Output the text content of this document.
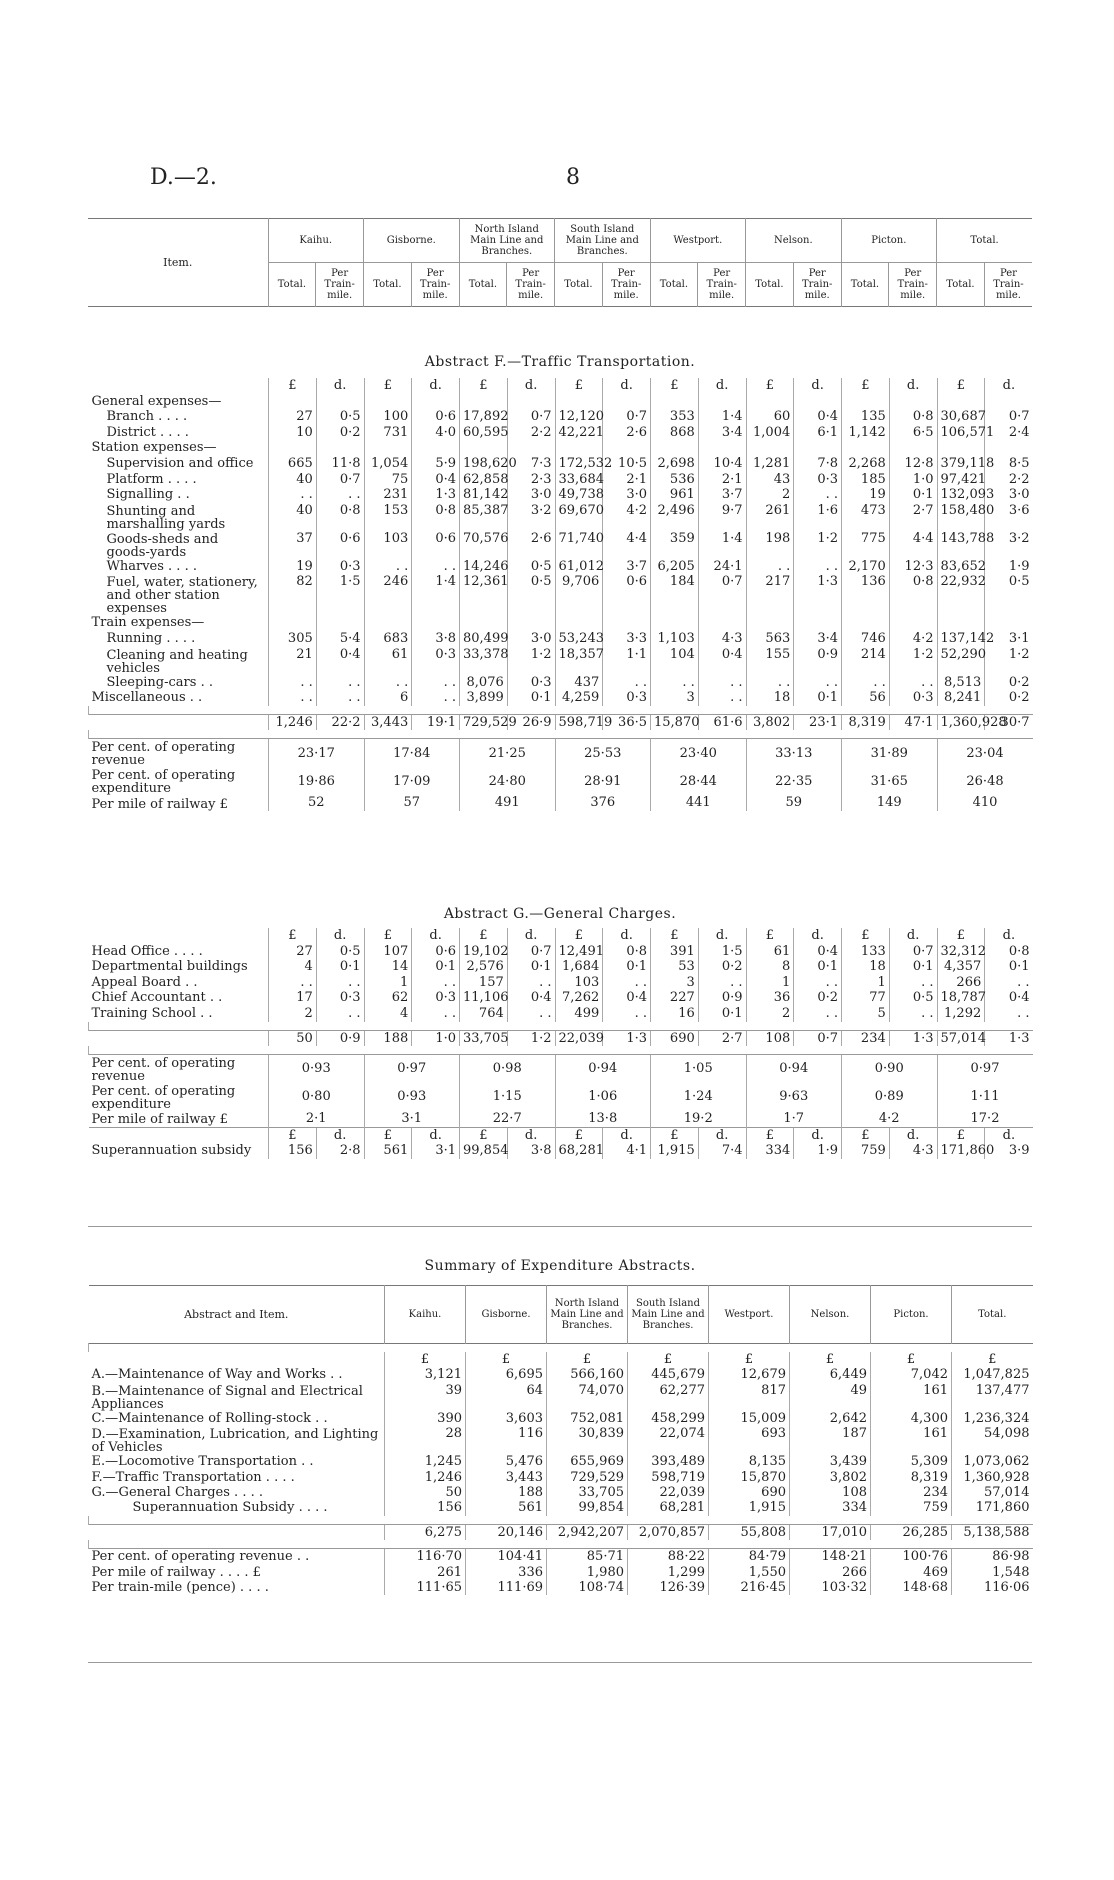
D.—2.	8
Item.	Kaihu.		Gisborne.		North Island Main Line and Branches.		South Island Main Line and Branches.		Westport.		Nelson.		Picton.		Total.	
	Total.	Per Train-mile.	Total.	Per Train-mile.	Total.	Per Train-mile.	Total.	Per Train-mile.	Total.	Per Train-mile.	Total.	Per Train-mile.	Total.	Per Train-mile.	Total.	Per Train-mile.
Abstract F.—Traffic Transportation.
	£	d.	£	d.	£	d.	£	d.	£	d.	£	d.	£	d.	£	d.
General expenses—																
Branch . . . .	27	0·5	100	0·6	17,892	0·7	12,120	0·7	353	1·4	60	0·4	135	0·8	30,687	0·7
District . . . .	10	0·2	731	4·0	60,595	2·2	42,221	2·6	868	3·4	1,004	6·1	1,142	6·5	106,571	2·4
Station expenses—																
Supervision and office	665	11·8	1,054	5·9	198,620	7·3	172,532	10·5	2,698	10·4	1,281	7·8	2,268	12·8	379,118	8·5
Platform . . . .	40	0·7	75	0·4	62,858	2·3	33,684	2·1	536	2·1	43	0·3	185	1·0	97,421	2·2
Signalling . .	. .	. .	231	1·3	81,142	3·0	49,738	3·0	961	3·7	2	. .	19	0·1	132,093	3·0
Shunting and marshalling yards	40	0·8	153	0·8	85,387	3·2	69,670	4·2	2,496	9·7	261	1·6	473	2·7	158,480	3·6
Goods-sheds and goods-yards	37	0·6	103	0·6	70,576	2·6	71,740	4·4	359	1·4	198	1·2	775	4·4	143,788	3·2
Wharves . . . .	19	0·3	. .	. .	14,246	0·5	61,012	3·7	6,205	24·1	. .	. .	2,170	12·3	83,652	1·9
Fuel, water, stationery, and other station expenses	82	1·5	246	1·4	12,361	0·5	9,706	0·6	184	0·7	217	1·3	136	0·8	22,932	0·5
Train expenses—																
Running . . . .	305	5·4	683	3·8	80,499	3·0	53,243	3·3	1,103	4·3	563	3·4	746	4·2	137,142	3·1
Cleaning and heating vehicles	21	0·4	61	0·3	33,378	1·2	18,357	1·1	104	0·4	155	0·9	214	1·2	52,290	1·2
Sleeping-cars . .	. .	. .	. .	. .	8,076	0·3	437	. .	. .	. .	. .	. .	. .	. .	8,513	0·2
Miscellaneous . .	. .	. .	6	. .	3,899	0·1	4,259	0·3	3	. .	18	0·1	56	0·3	8,241	0·2

	1,246	22·2	3,443	19·1	729,529	26·9	598,719	36·5	15,870	61·6	3,802	23·1	8,319	47·1	1,360,928	30·7

Per cent. of operating revenue	23·17		17·84		21·25		25·53		23·40		33·13		31·89		23·04	
Per cent. of operating expenditure	19·86		17·09		24·80		28·91		28·44		22·35		31·65		26·48	
Per mile of railway £	52		57		491		376		441		59		149		410	
Abstract G.—General Charges.
	£	d.	£	d.	£	d.	£	d.	£	d.	£	d.	£	d.	£	d.
Head Office . . . .	27	0·5	107	0·6	19,102	0·7	12,491	0·8	391	1·5	61	0·4	133	0·7	32,312	0·8
Departmental buildings	4	0·1	14	0·1	2,576	0·1	1,684	0·1	53	0·2	8	0·1	18	0·1	4,357	0·1
Appeal Board . .	. .	. .	1	. .	157	. .	103	. .	3	. .	1	. .	1	. .	266	. .
Chief Accountant . .	17	0·3	62	0·3	11,106	0·4	7,262	0·4	227	0·9	36	0·2	77	0·5	18,787	0·4
Training School . .	2	. .	4	. .	764	. .	499	. .	16	0·1	2	. .	5	. .	1,292	. .

	50	0·9	188	1·0	33,705	1·2	22,039	1·3	690	2·7	108	0·7	234	1·3	57,014	1·3

Per cent. of operating revenue	0·93		0·97		0·98		0·94		1·05		0·94		0·90		0·97	
Per cent. of operating expenditure	0·80		0·93		1·15		1·06		1·24		9·63		0·89		1·11	
Per mile of railway £	2·1		3·1		22·7		13·8		19·2		1·7		4·2		17·2	
	£	d.	£	d.	£	d.	£	d.	£	d.	£	d.	£	d.	£	d.
Superannuation subsidy	156	2·8	561	3·1	99,854	3·8	68,281	4·1	1,915	7·4	334	1·9	759	4·3	171,860	3·9
Summary of Expenditure Abstracts.
Abstract and Item.	Kaihu.	Gisborne.	North Island Main Line and Branches.	South Island Main Line and Branches.	Westport.	Nelson.	Picton.	Total.

	£	£	£	£	£	£	£	£
A.—Maintenance of Way and Works . .	3,121	6,695	566,160	445,679	12,679	6,449	7,042	1,047,825
B.—Maintenance of Signal and Electrical Appliances	39	64	74,070	62,277	817	49	161	137,477
C.—Maintenance of Rolling-stock . .	390	3,603	752,081	458,299	15,009	2,642	4,300	1,236,324
D.—Examination, Lubrication, and Lighting of Vehicles	28	116	30,839	22,074	693	187	161	54,098
E.—Locomotive Transportation . .	1,245	5,476	655,969	393,489	8,135	3,439	5,309	1,073,062
F.—Traffic Transportation . . . .	1,246	3,443	729,529	598,719	15,870	3,802	8,319	1,360,928
G.—General Charges . . . .	50	188	33,705	22,039	690	108	234	57,014
Superannuation Subsidy . . . .	156	561	99,854	68,281	1,915	334	759	171,860

	6,275	20,146	2,942,207	2,070,857	55,808	17,010	26,285	5,138,588

Per cent. of operating revenue . .	116·70	104·41	85·71	88·22	84·79	148·21	100·76	86·98
Per mile of railway . . . . £	261	336	1,980	1,299	1,550	266	469	1,548
Per train-mile (pence) . . . .	111·65	111·69	108·74	126·39	216·45	103·32	148·68	116·06
